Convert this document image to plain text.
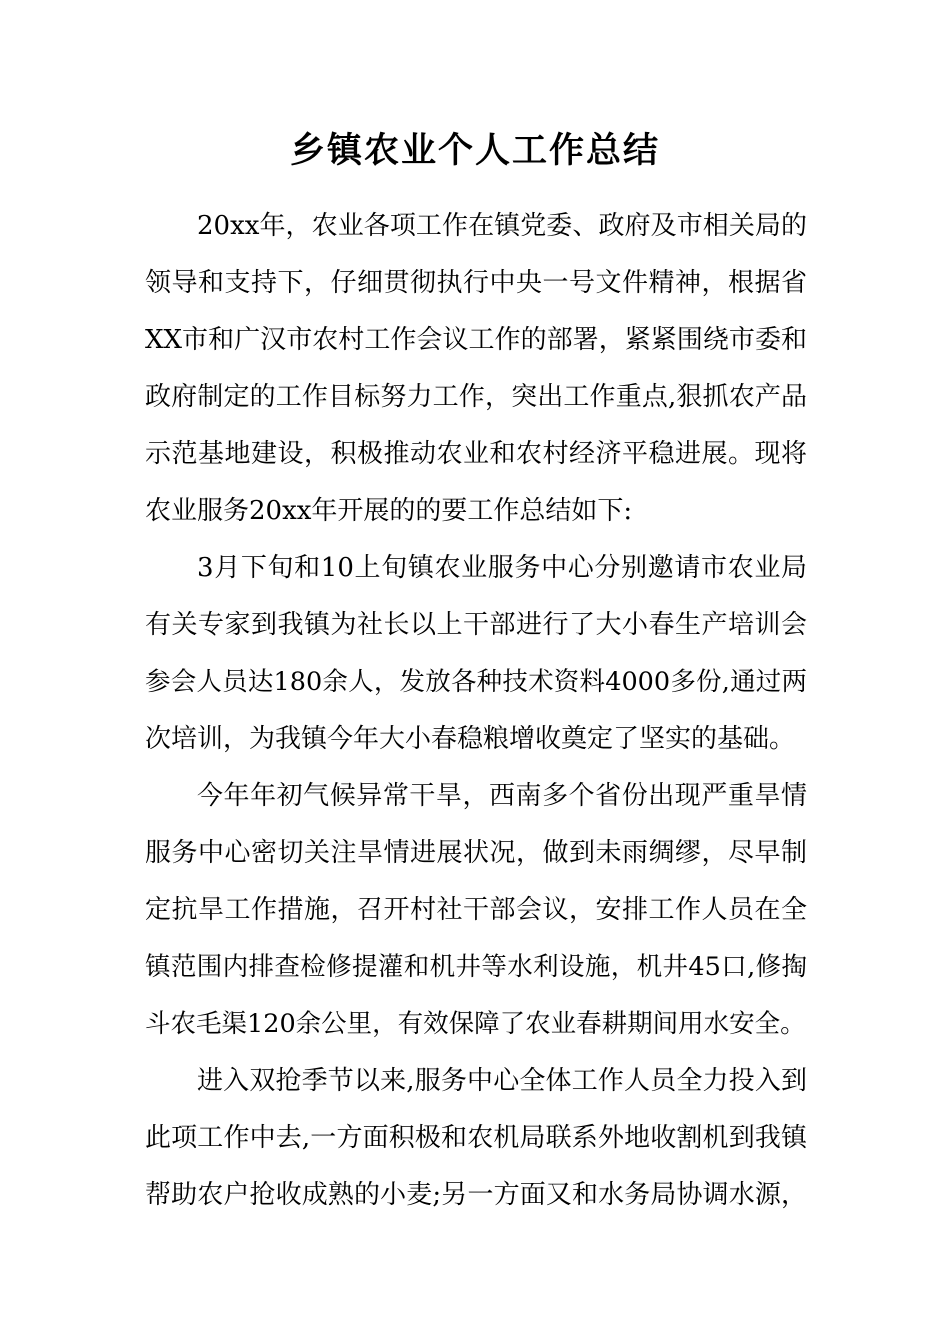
乡镇农业个人工作总结
20xx年，农业各项工作在镇党委、政府及市相关局的
领导和支持下，仔细贯彻执行中央一号文件精神，根据省
XX市和广汉市农村工作会议工作的部署，紧紧围绕市委和
政府制定的工作目标努力工作，突出工作重点,狠抓农产品
示范基地建设，积极推动农业和农村经济平稳进展。现将
农业服务20xx年开展的的要工作总结如下:
3月下旬和10上旬镇农业服务中心分别邀请市农业局
有关专家到我镇为社长以上干部进行了大小春生产培训会
参会人员达180余人，发放各种技术资料4000多份,通过两
次培训，为我镇今年大小春稳粮增收奠定了坚实的基础。
今年年初气候异常干旱，西南多个省份出现严重旱情
服务中心密切关注旱情进展状况，做到未雨绸缪，尽早制
定抗旱工作措施，召开村社干部会议，安排工作人员在全
镇范围内排查检修提灌和机井等水利设施，机井45口,修掏
斗农毛渠120余公里，有效保障了农业春耕期间用水安全。
进入双抢季节以来,服务中心全体工作人员全力投入到
此项工作中去,一方面积极和农机局联系外地收割机到我镇
帮助农户抢收成熟的小麦;另一方面又和水务局协调水源，
